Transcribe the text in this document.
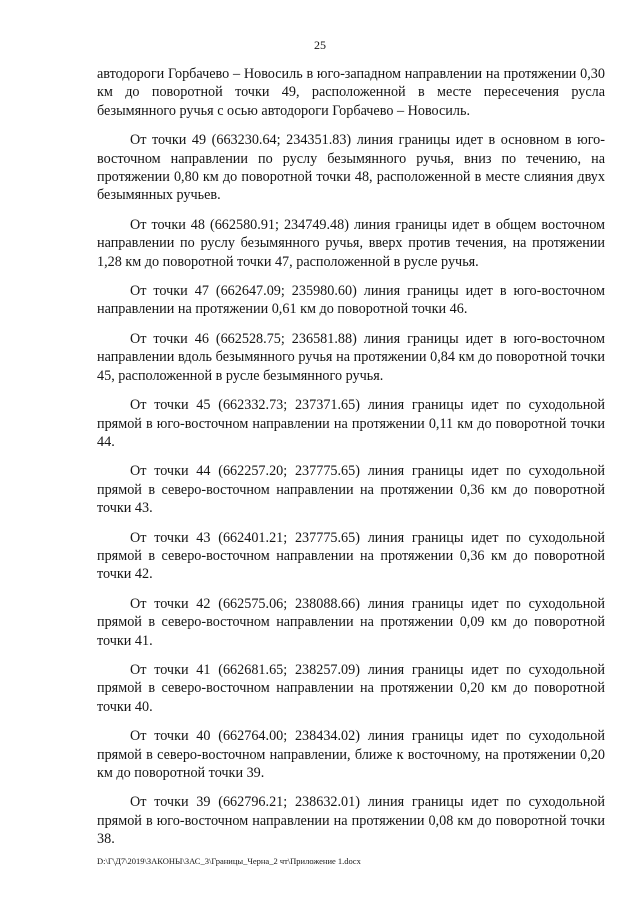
25

автодороги Горбачево – Новосиль в юго-западном направлении на протяжении 0,30 км до поворотной точки 49, расположенной в месте пересечения русла безымянного ручья с осью автодороги Горбачево – Новосиль.

От точки 49 (663230.64; 234351.83) линия границы идет в основном в юго-восточном направлении по руслу безымянного ручья, вниз по течению, на протяжении 0,80 км до поворотной точки 48, расположенной в месте слияния двух безымянных ручьев.

От точки 48 (662580.91; 234749.48) линия границы идет в общем восточном направлении по руслу безымянного ручья, вверх против течения, на протяжении 1,28 км до поворотной точки 47, расположенной в русле ручья.

От точки 47 (662647.09; 235980.60) линия границы идет в юго-восточном направлении на протяжении 0,61 км до поворотной точки 46.

От точки 46 (662528.75; 236581.88) линия границы идет в юго-восточном направлении вдоль безымянного ручья на протяжении 0,84 км до поворотной точки 45, расположенной в русле безымянного ручья.

От точки 45 (662332.73; 237371.65) линия границы идет по суходольной прямой в юго-восточном направлении на протяжении 0,11 км до поворотной точки 44.

От точки 44 (662257.20; 237775.65) линия границы идет по суходольной прямой в северо-восточном направлении на протяжении 0,36 км до поворотной точки 43.

От точки 43 (662401.21; 237775.65) линия границы идет по суходольной прямой в северо-восточном направлении на протяжении 0,36 км до поворотной точки 42.

От точки 42 (662575.06; 238088.66) линия границы идет по суходольной прямой в северо-восточном направлении на протяжении 0,09 км до поворотной точки 41.

От точки 41 (662681.65; 238257.09) линия границы идет по суходольной прямой в северо-восточном направлении на протяжении 0,20 км до поворотной точки 40.

От точки 40 (662764.00; 238434.02) линия границы идет по суходольной прямой в северо-восточном направлении, ближе к восточному, на протяжении 0,20 км до поворотной точки 39.

От точки 39 (662796.21; 238632.01) линия границы идет по суходольной прямой в юго-восточном направлении на протяжении 0,08 км до поворотной точки 38.

D:\Г\Д7\2019\ЗАКОНЫ\ЗАС_3\Границы_Черна_2 чт\Приложение 1.docx
